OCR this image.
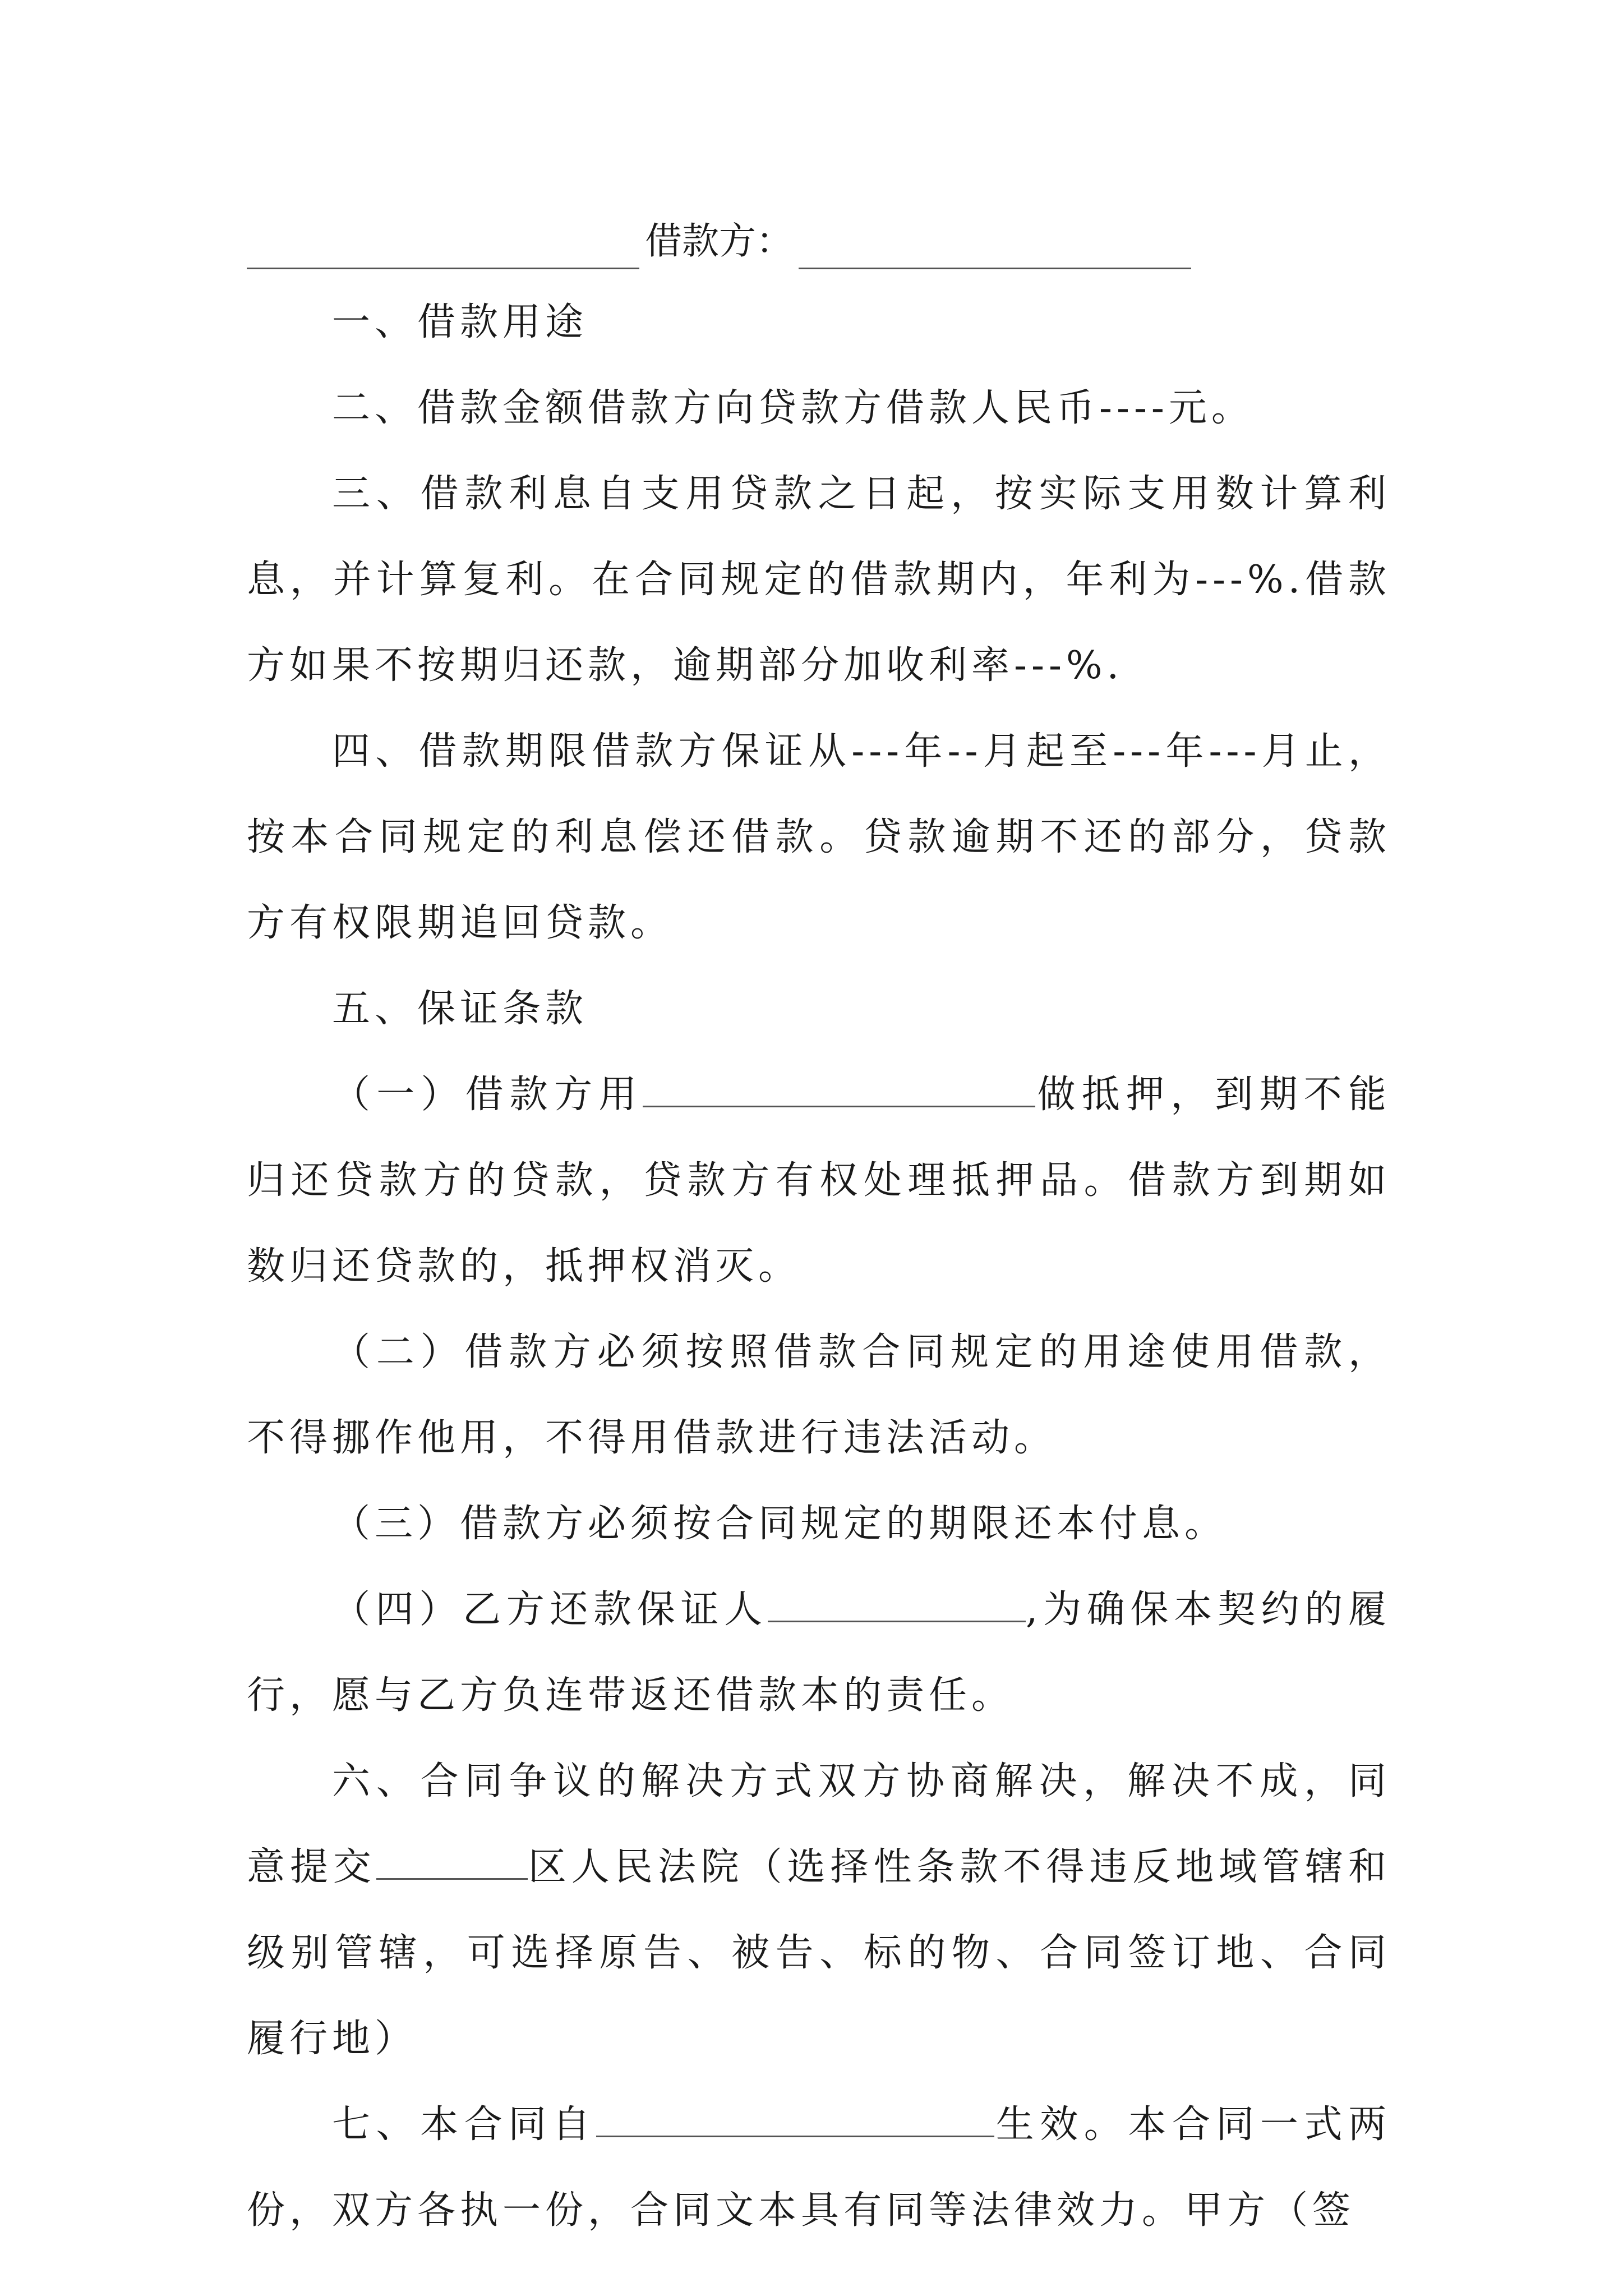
借款方：

一、借款用途

二、借款金额借款方向贷款方借款人民币----元。

三、借款利息自支用贷款之日起，按实际支用数计算利息，并计算复利。在合同规定的借款期内，年利为---%.借款方如果不按期归还款，逾期部分加收利率---%.

四、借款期限借款方保证从---年--月起至---年---月止，按本合同规定的利息偿还借款。贷款逾期不还的部分，贷款方有权限期追回贷款。

五、保证条款

（一）借款方用	做抵押，到期不能归还贷款方的贷款，贷款方有权处理抵押品。借款方到期如数归还贷款的，抵押权消灭。

（二）借款方必须按照借款合同规定的用途使用借款，不得挪作他用，不得用借款进行违法活动。

（三）借款方必须按合同规定的期限还本付息。

（四）乙方还款保证人	,为确保本契约的履行，愿与乙方负连带返还借款本的责任。

六、合同争议的解决方式双方协商解决，解决不成，同意提交	区人民法院（选择性条款不得违反地域管辖和级别管辖，可选择原告、被告、标的物、合同签订地、合同履行地）

七、本合同自	生效。本合同一式两份，双方各执一份，合同文本具有同等法律效力。甲方（签
